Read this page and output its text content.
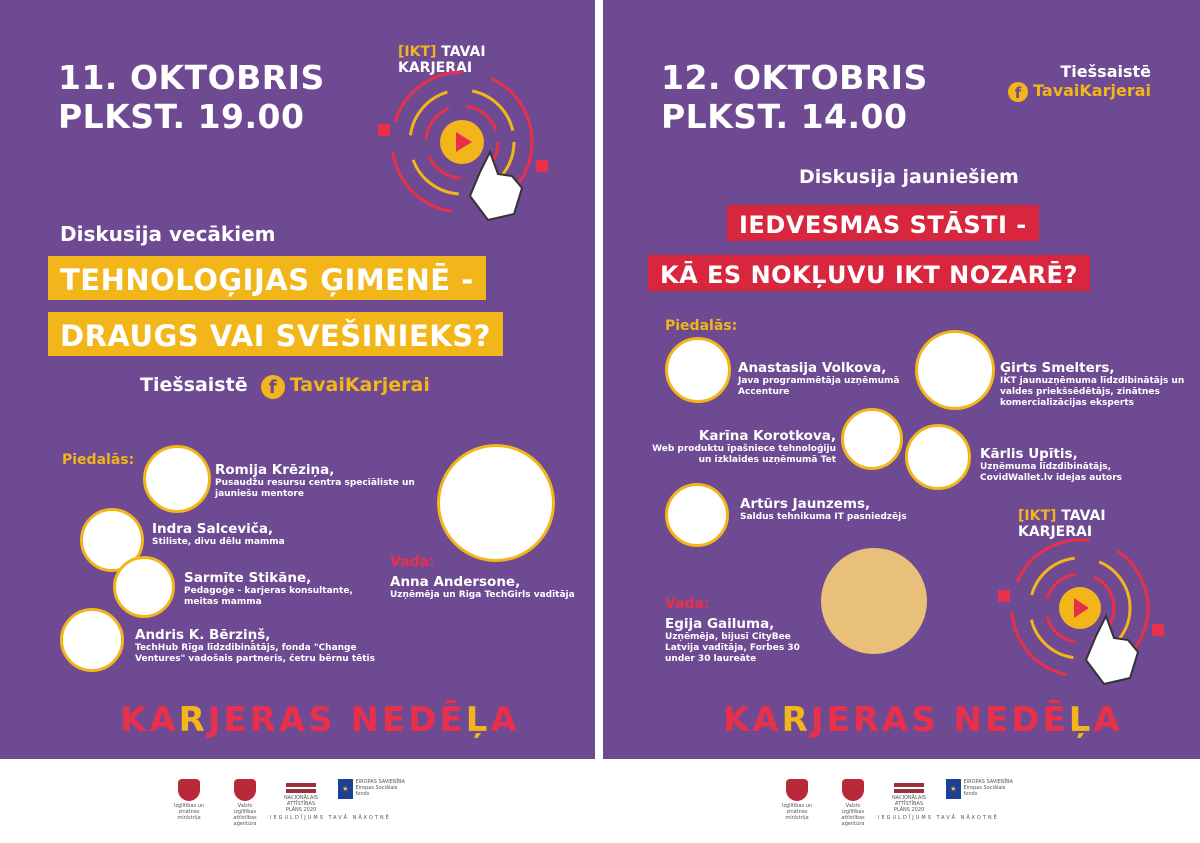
11. OKTOBRIS
PLKST. 19.00
[IKT] TAVAI
KARJERAI
Diskusija vecākiem
TEHNOLOĢIJAS ĢIMENĒ -
DRAUGS VAI SVEŠINIEKS?
Tiešsaistē f TavaiKarjerai
Piedalās:
Romija Krēziņa,
Pusaudžu resursu centra speciāliste un jauniešu mentore
Indra Salceviča,
Stiliste, divu dēlu mamma
Sarmīte Stikāne,
Pedagoģe - karjeras konsultante, meitas mamma
Andris K. Bērziņš,
TechHub Rīga līdzdibinātājs, fonda "Change Ventures" vadošais partneris, četru bērnu tētis
Vada:
Anna Andersone,
Uzņēmēja un Riga TechGirls vadītāja
KARJERAS NEDĒĻA
Izglītības un zinātnes ministrija
Valsts izglītības attīstības aģentūra
NACIONĀLAIS ATTĪSTĪBAS PLĀNS 2020
★
EIROPAS SAVIENĪBA Eiropas Sociālais fonds
IEGULDĪJUMS TAVĀ NĀKOTNĒ
12. OKTOBRIS
PLKST. 14.00
Tiešsaistē
f TavaiKarjerai
Diskusija jauniešiem
IEDVESMAS STĀSTI -
KĀ ES NOKĻUVU IKT NOZARĒ?
Piedalās:
Anastasija Volkova,
Java programmētāja uzņēmumā Accenture
Ģirts Smelters,
IKT jaunuzņēmuma līdzdibinātājs un valdes priekšsēdētājs, zinātnes komercializācijas eksperts
Karīna Korotkova,
Web produktu īpašniece tehnoloģiju un izklaides uzņēmumā Tet	Kārlis Upītis,
Uzņēmuma līdzdibinātājs, CovidWallet.lv idejas autors
Artūrs Jaunzems,
Saldus tehnikuma IT pasniedzējs
Vada:
Egija Gailuma,
Uzņēmēja, bijusī CityBee Latvija vadītāja, Forbes 30 under 30 laureāte
[IKT] TAVAI
KARJERAI
KARJERAS NEDĒĻA
Izglītības un zinātnes ministrija
Valsts izglītības attīstības aģentūra
NACIONĀLAIS ATTĪSTĪBAS PLĀNS 2020
★
EIROPAS SAVIENĪBA Eiropas Sociālais fonds
IEGULDĪJUMS TAVĀ NĀKOTNĒ
